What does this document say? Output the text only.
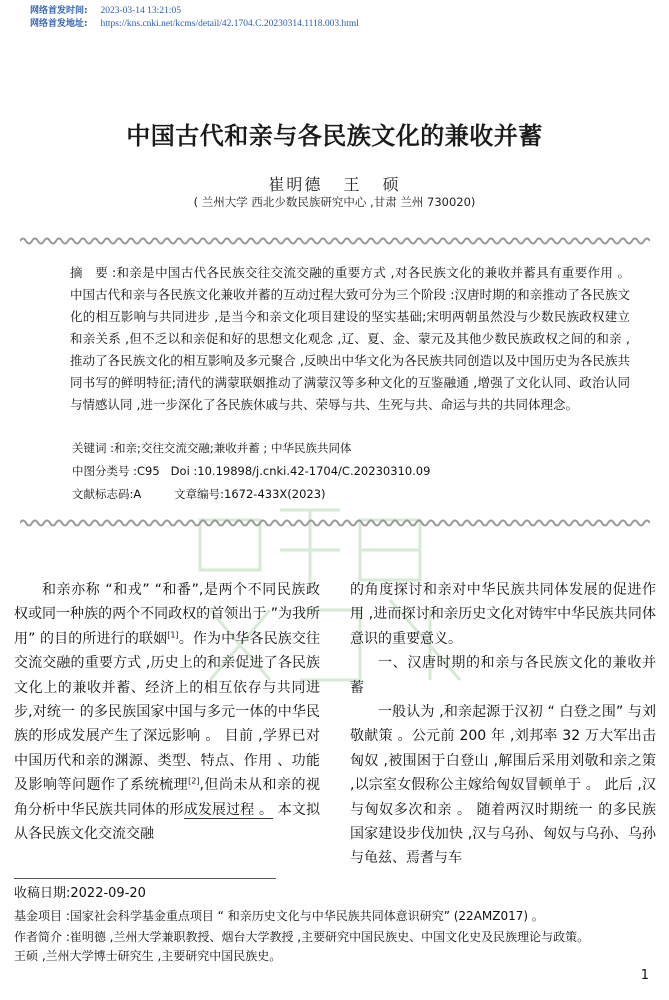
网络首发时间: 2023-03-14 13:21:05
网络首发地址: https://kns.cnki.net/kcms/detail/42.1704.C.20230314.1118.003.html
中国古代和亲与各民族文化的兼收并蓄
崔明德 王 硕
( 兰州大学 西北少数民族研究中心 ,甘肃 兰州 730020)
摘 要:和亲是中国古代各民族交往交流交融的重要方式 ,对各民族文化的兼收并蓄具有重要作用 。 中国古代和亲与各民族文化兼收并蓄的互动过程大致可分为三个阶段 :汉唐时期的和亲推动了各民族文化的相互影响与共同进步 ,是当今和亲文化项目建设的坚实基础;宋明两朝虽然没与少数民族政权建立和亲关系 ,但不乏以和亲促和好的思想文化观念 ,辽、夏、金、蒙元及其他少数民族政权之间的和亲 ,推动了各民族文化的相互影响及多元聚合 ,反映出中华文化为各民族共同创造以及中国历史为各民族共同书写的鲜明特征;清代的满蒙联姻推动了满蒙汉等多种文化的互鉴融通 ,增强了文化认同、政治认同与情感认同 ,进一步深化了各民族休戚与共、荣辱与共、生死与共、命运与共的共同体理念。
关键词 :和亲;交往交流交融;兼收并蓄 ; 中华民族共同体
中图分类号 :C95 Doi :10.19898/j.cnki.42-1704/C.20230310.09
文献标志码:A	文章编号:1672-433X(2023)

和亲亦称 “和戎” “和番”,是两个不同民族政权或同一种族的两个不同政权的首领出于 ”为我所用” 的目的所进行的联姻[1]。作为中华各民族交往交流交融的重要方式 ,历史上的和亲促进了各民族文化上的兼收并蓄、经济上的相互依存与共同进步,对统一 的多民族国家中国与多元一体的中华民族的形成发展产生了深远影响 。 目前 ,学界已对中国历代和亲的渊源、类型、特点、作用 、功能及影响等问题作了系统梳理[2],但尚未从和亲的视角分析中华民族共同体的形成发展过程 。 本文拟从各民族文化交流交融

的角度探讨和亲对中华民族共同体发展的促进作用 ,进而探讨和亲历史文化对铸牢中华民族共同体意识的重要意义。

一、汉唐时期的和亲与各民族文化的兼收并蓄

一般认为 ,和亲起源于汉初 “ 白登之围” 与刘敬献策 。公元前 200 年 ,刘邦率 32 万大军出击匈奴 ,被围困于白登山 ,解围后采用刘敬和亲之策 ,以宗室女假称公主嫁给匈奴冒顿单于 。 此后 ,汉与匈奴多次和亲 。 随着两汉时期统一 的多民族国家建设步伐加快 ,汉与乌孙、匈奴与乌孙、乌孙与龟兹、焉耆与车

收稿日期:2022-09-20
基金项目 :国家社会科学基金重点项目 “ 和亲历史文化与中华民族共同体意识研究” (22AMZ017) 。
作者简介 :崔明德 ,兰州大学兼职教授、烟台大学教授 ,主要研究中国民族史、中国文化史及民族理论与政策。
王硕 ,兰州大学博士研究生 ,主要研究中国民族史。
1
